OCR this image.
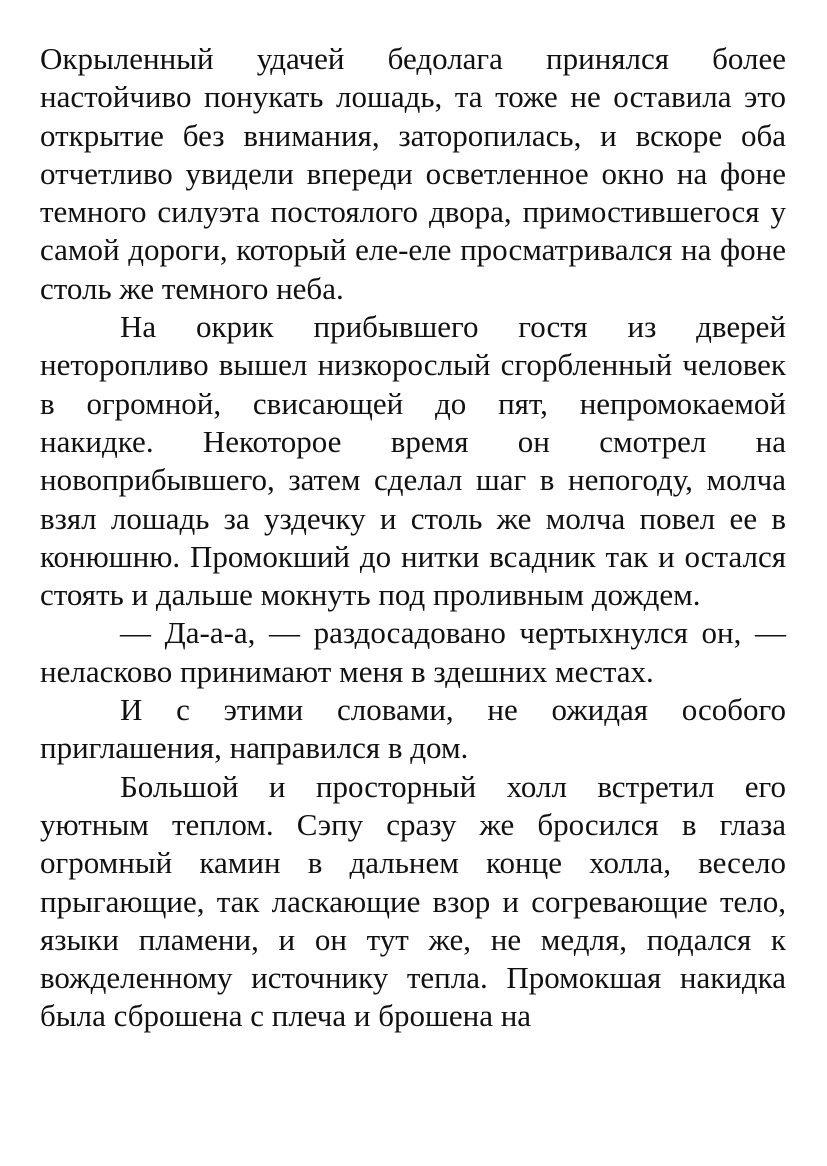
Окрыленный удачей бедолага принялся более настойчиво понукать лошадь, та тоже не оставила это открытие без внимания, заторопилась, и вскоре оба отчетливо увидели впереди осветленное окно на фоне темного силуэта постоялого двора, примостившегося у самой дороги, который еле-еле просматривался на фоне столь же темного неба.

На окрик прибывшего гостя из дверей неторопливо вышел низкорослый сгорбленный человек в огромной, свисающей до пят, непромокаемой накидке. Некоторое время он смотрел на новоприбывшего, затем сделал шаг в непогоду, молча взял лошадь за уздечку и столь же молча повел ее в конюшню. Промокший до нитки всадник так и остался стоять и дальше мокнуть под проливным дождем.

— Да-а-а, — раздосадовано чертыхнулся он, — неласково принимают меня в здешних местах.

И с этими словами, не ожидая особого приглашения, направился в дом.

Большой и просторный холл встретил его уютным теплом. Сэпу сразу же бросился в глаза огромный камин в дальнем конце холла, весело прыгающие, так ласкающие взор и согревающие тело, языки пламени, и он тут же, не медля, подался к вожделенному источнику тепла. Промокшая накидка была сброшена с плеча и брошена на
